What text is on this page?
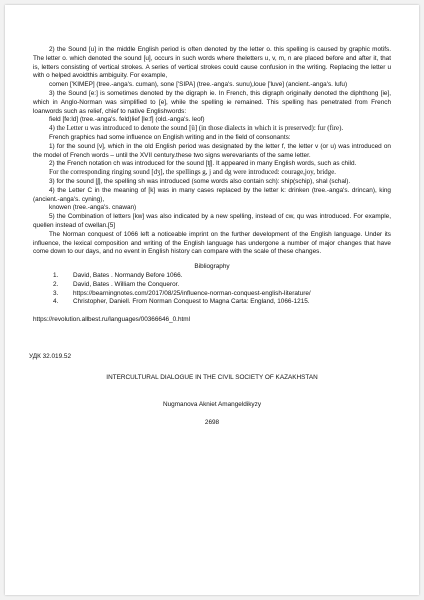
2) the Sound [u] in the middle English period is often denoted by the letter o. this spelling is caused by graphic motifs. The letter o. which denoted the sound [u], occurs in such words where theletters u, v, m, n are placed before and after it, that is, letters consisting of vertical strokes. A series of vertical strokes could cause confusion in the writing. Replacing the letter u with o helped avoidthis ambiguity. For example,

comen ['KIMEP] (tree.-anga's. cuman), sone ['SIPA] (tree.-anga's. sunu),loue ['luve] (ancient.-anga's. lufu)

3) the Sound [e:] is sometimes denoted by the digraph ie. In French, this digraph originally denoted the diphthong [ie], which in Anglo-Norman was simplified to [e], while the spelling ie remained. This spelling has penetrated from French loanwords such as relief, chief to native Englishwords:

field [fe:ld] (tree.-anga's. feld)lief [le:f] (old.-anga's. leof)

4) the Letter u was introduced to denote the sound [ü] (in those dialects in which it is preserved): fur (fire).

French graphics had some influence on English writing and in the field of consonants:

1) for the sound [v], which in the old English period was designated by the letter f, the letter v (or u) was introduced on the model of French words – until the XVII century.these two signs werevariants of the same letter.

2) the French notation ch was introduced for the sound [tʃ]. It appeared in many English words, such as child.

For the corresponding ringing sound [dʒ], the spellings g, j and dg were introduced: courage,joy, bridge.

3) for the sound [ʃ], the spelling sh was introduced (some words also contain sch): ship(schip), shal (schal).

4) the Letter C in the meaning of [k] was in many cases replaced by the letter k: drinken (tree.-anga's. drincan), king (ancient.-anga's. cyning),

knowen (tree.-anga's. cnawan)

5) the Combination of letters [kw] was also indicated by a new spelling, instead of cw, qu was introduced. For example, quellen instead of cwellan.[5]

The Norman conquest of 1066 left a noticeable imprint on the further development of the English language. Under its influence, the lexical composition and writing of the English language has undergone a number of major changes that have come down to our days, and no event in English history can compare with the scale of these changes.

Bibliography
1. David, Bates . Normandy Before 1066.
2. David, Bates . William the Conqueror.
3. https://bearningnotes.com/2017/08/25/influence-norman-conquest-english-literature/
4. Christopher, Daniell. From Norman Conquest to Magna Carta: England, 1066-1215.
https://revolution.allbest.ru/languages/00366646_0.html
УДК 32.019.52
INTERCULTURAL DIALOGUE IN THE CIVIL SOCIETY OF KAZAKHSTAN
Nugmanova Akniet Amangeldikyzy
2698
